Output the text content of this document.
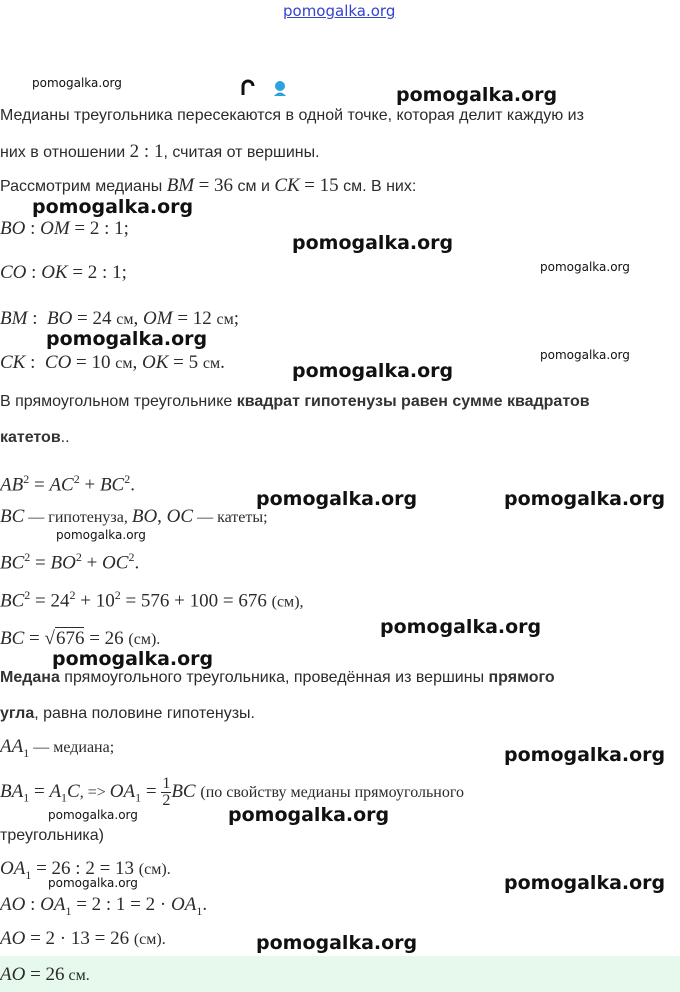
pomogalka.org
pomogalka.org
pomogalka.org
pomogalka.org
pomogalka.org
pomogalka.org
pomogalka.org
pomogalka.org
pomogalka.org
pomogalka.org	pomogalka.org
pomogalka.org
pomogalka.org
pomogalka.org
pomogalka.org
pomogalka.org	pomogalka.org
pomogalka.org	pomogalka.org
pomogalka.org
Медианы треугольника пересекаются в одной точке, которая делит каждую из
них в отношении 2 : 1, считая от вершины.
Рассмотрим медианы BM = 36 см и CK = 15 см. В них:
BO : OM = 2 : 1;
CO : OK = 2 : 1;
BM :  BO = 24 см, OM = 12 см;
CK :  CO = 10 см, OK = 5 см.
В прямоугольном треугольнике квадрат гипотенузы равен сумме квадратов
катетов..
$AB^2 = AC^2 + BC^2$.
BC — гипотенуза, BO, OC — катеты;
$BC^2 = BO^2 + OC^2$.
$BC^2 = 24^2 + 10^2 = 576 + 100 = 676$ (см),
BC = √676 = 26 (см).
Медана прямоугольного треугольника, проведённая из вершины прямого
угла, равна половине гипотенузы.
$AA_1$ — медиана;
$BA_1 = A_1C$, => $OA_1 = \frac{1}{2}$ BC (по свойству медианы прямоугольного
треугольника)
$OA_1 = 26$ : 2 = 13 (см).
AO : $OA_1 = 2$ : $1 = 2 \cdot OA_1$.
AO = 2 · 13 = 26 (см).
AO = 26 см.
